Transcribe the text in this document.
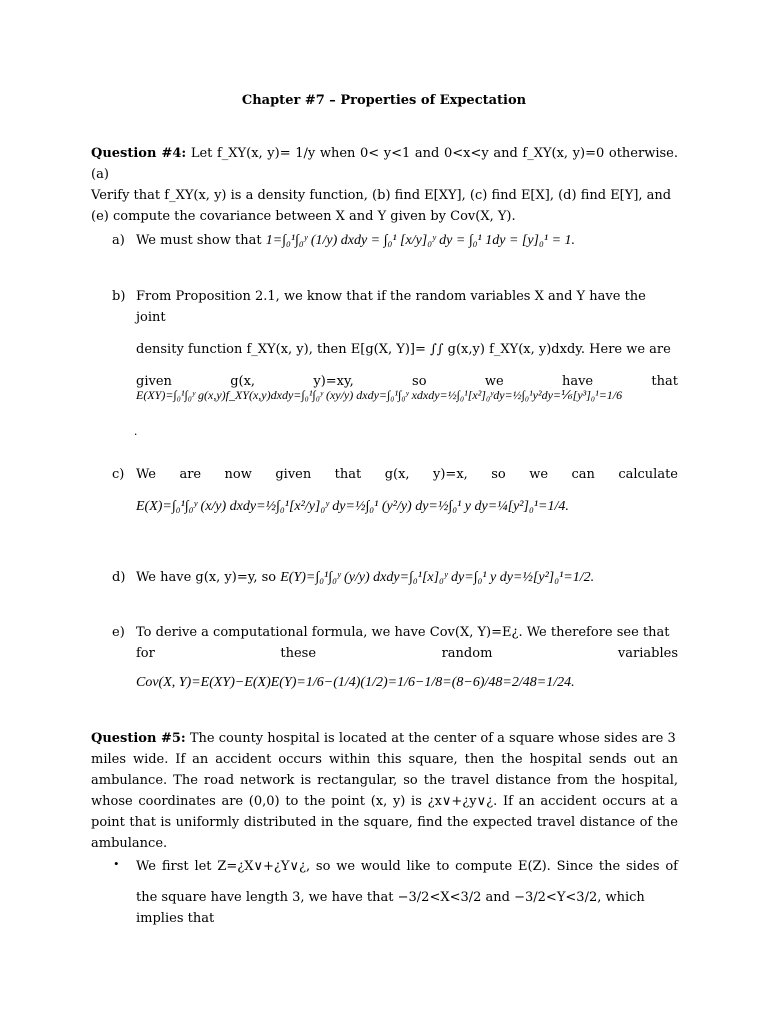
Chapter #7 – Properties of Expectation
Question #4: Let f_XY(x, y)= 1/y when 0< y<1 and 0<x<y and f_XY(x, y)=0 otherwise. (a)
Verify that f_XY(x, y) is a density function, (b) find E[XY], (c) find E[X], (d) find E[Y], and
(e) compute the covariance between X and Y given by Cov(X, Y).
a) We must show that 1=∫₀¹∫₀ʸ (1/y) dxdy = ∫₀¹ [x/y]₀ʸ dy = ∫₀¹ 1dy = [y]₀¹ = 1.
b) From Proposition 2.1, we know that if the random variables X and Y have the joint
density function f_XY(x, y), then E[g(X, Y)]= ∫∫ g(x,y) f_XY(x, y)dxdy. Here we are
given g(x, y)=xy, so we have that
E(XY)=∫₀¹∫₀ʸ g(x,y)f_XY(x,y)dxdy=∫₀¹∫₀ʸ (xy/y) dxdy=∫₀¹∫₀ʸ xdxdy=½∫₀¹[x²]₀ʸdy=½∫₀¹y²dy=⅙[y³]₀¹=1/6
.
c) We are now given that g(x, y)=x, so we can calculate
E(X)=∫₀¹∫₀ʸ (x/y) dxdy=½∫₀¹[x²/y]₀ʸ dy=½∫₀¹ (y²/y) dy=½∫₀¹ y dy=¼[y²]₀¹=1/4.
d) We have g(x, y)=y, so E(Y)=∫₀¹∫₀ʸ (y/y) dxdy=∫₀¹[x]₀ʸ dy=∫₀¹ y dy=½[y²]₀¹=1/2.
e) To derive a computational formula, we have Cov(X, Y)=E¿. We therefore see that
for these random variables
Cov(X, Y)=E(XY)−E(X)E(Y)=1/6−(1/4)(1/2)=1/6−1/8=(8−6)/48=2/48=1/24.
Question #5: The county hospital is located at the center of a square whose sides are 3
miles wide. If an accident occurs within this square, then the hospital sends out an
ambulance. The road network is rectangular, so the travel distance from the hospital,
whose coordinates are (0,0) to the point (x, y) is ¿x∨+¿y∨¿. If an accident occurs at a
point that is uniformly distributed in the square, find the expected travel distance of the
ambulance.
• We first let Z=¿X∨+¿Y∨¿, so we would like to compute E(Z). Since the sides of
the square have length 3, we have that −3/2<X<3/2 and −3/2<Y<3/2, which implies that
